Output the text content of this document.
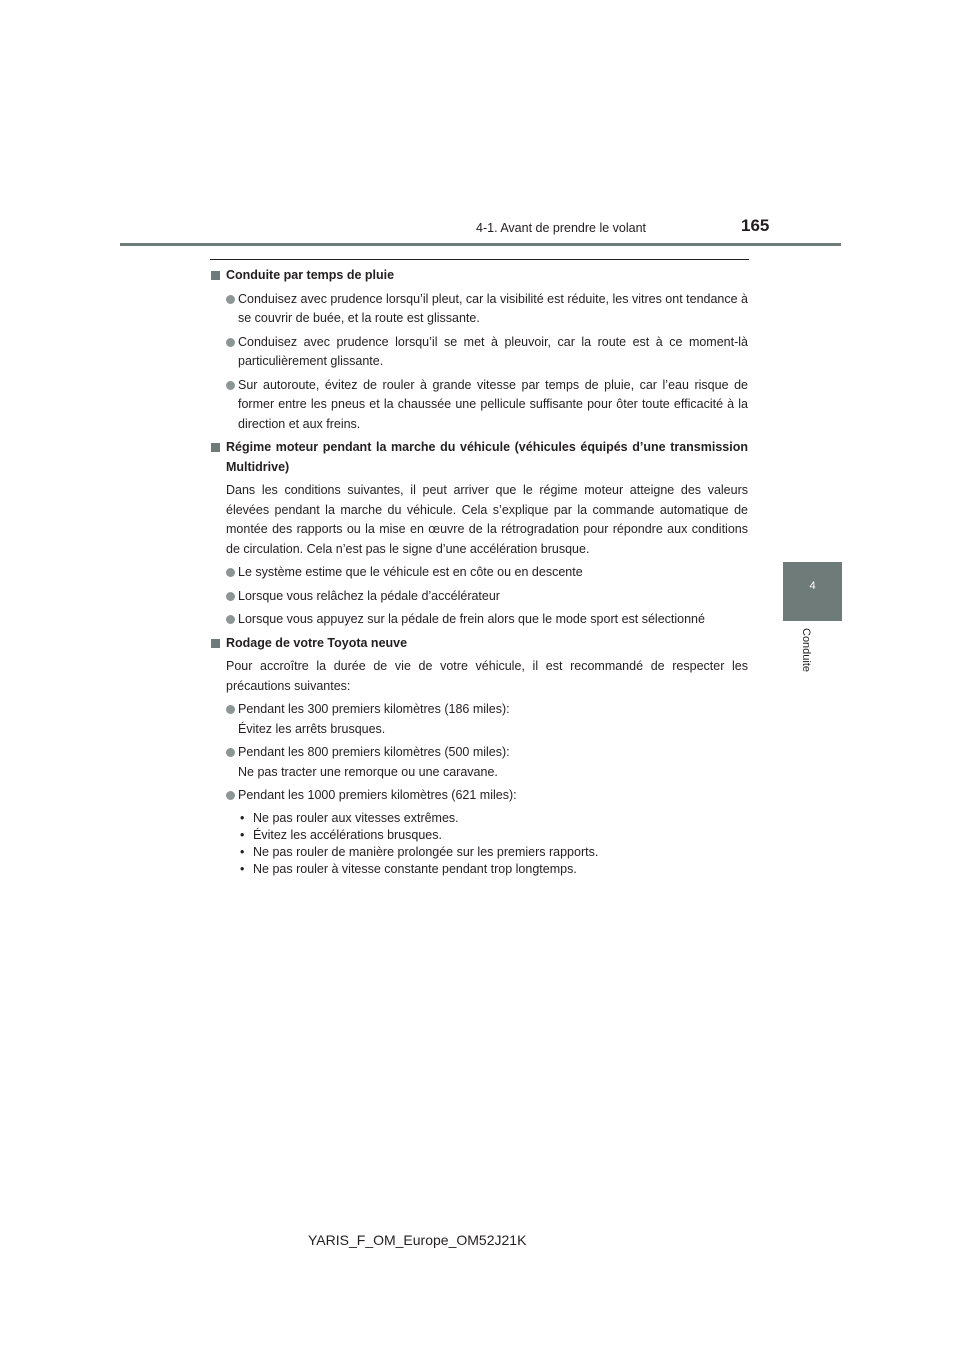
4-1. Avant de prendre le volant	165
4
Conduite
Conduite par temps de pluie
Conduisez avec prudence lorsqu’il pleut, car la visibilité est réduite, les vitres ont tendance à se couvrir de buée, et la route est glissante.
Conduisez avec prudence lorsqu’il se met à pleuvoir, car la route est à ce moment-là particulièrement glissante.
Sur autoroute, évitez de rouler à grande vitesse par temps de pluie, car l’eau risque de former entre les pneus et la chaussée une pellicule suffisante pour ôter toute efficacité à la direction et aux freins.
Régime moteur pendant la marche du véhicule (véhicules équipés d’une transmission Multidrive)
Dans les conditions suivantes, il peut arriver que le régime moteur atteigne des valeurs élevées pendant la marche du véhicule. Cela s’explique par la commande automatique de montée des rapports ou la mise en œuvre de la rétrogradation pour répondre aux conditions de circulation. Cela n’est pas le signe d’une accélération brusque.
Le système estime que le véhicule est en côte ou en descente
Lorsque vous relâchez la pédale d’accélérateur
Lorsque vous appuyez sur la pédale de frein alors que le mode sport est sélectionné
Rodage de votre Toyota neuve
Pour accroître la durée de vie de votre véhicule, il est recommandé de respecter les précautions suivantes:
Pendant les 300 premiers kilomètres (186 miles):
Évitez les arrêts brusques.
Pendant les 800 premiers kilomètres (500 miles):
Ne pas tracter une remorque ou une caravane.
Pendant les 1000 premiers kilomètres (621 miles):
• Ne pas rouler aux vitesses extrêmes.
• Évitez les accélérations brusques.
• Ne pas rouler de manière prolongée sur les premiers rapports.
• Ne pas rouler à vitesse constante pendant trop longtemps.
YARIS_F_OM_Europe_OM52J21K
